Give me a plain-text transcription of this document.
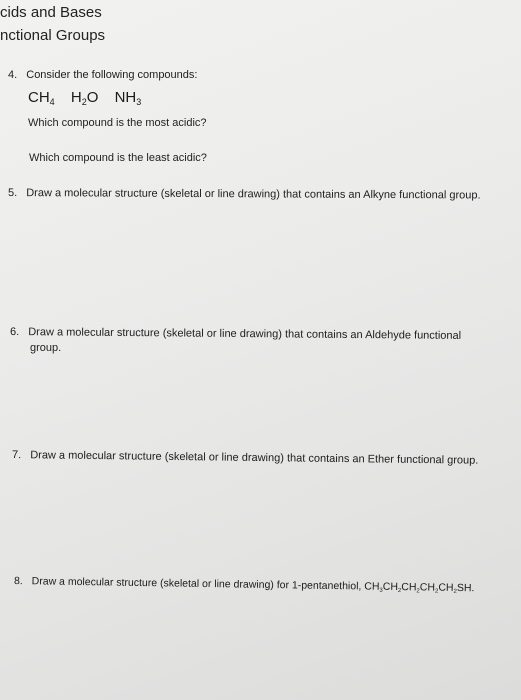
cids and Bases
nctional Groups
4. Consider the following compounds:
$CH_4$ $H_2O$ $NH_3$
Which compound is the most acidic?
Which compound is the least acidic?
5. Draw a molecular structure (skeletal or line drawing) that contains an Alkyne functional group.
6. Draw a molecular structure (skeletal or line drawing) that contains an Aldehyde functional
group.
7. Draw a molecular structure (skeletal or line drawing) that contains an Ether functional group.
8. Draw a molecular structure (skeletal or line drawing) for 1-pentanethiol, $CH_3CH_2CH_2CH_2CH_2SH$.
